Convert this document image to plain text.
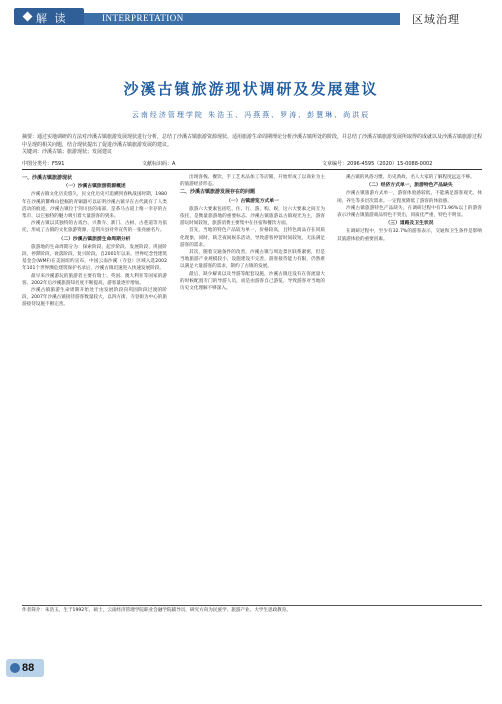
解 读	INTERPRETATION	区域治理
沙溪古镇旅游现状调研及发展建议
云南经济管理学院 朱浩玉、冯燕燕、罗涛、彭慧琳、尚洪辰
摘要：通过实地调研的方法对沙溪古镇旅游发展现状进行分析，总结了沙溪古镇旅游资源现状、适用旅游生命周期理论分析沙溪古镇所处的阶段，并总结了沙溪古镇旅游发展所取得的成就以及沙溪古镇旅游过程中呈现的相关问题，结合现状提出了促进沙溪古镇旅游发展的建议。
关键词：沙溪古镇；旅游现状；发展建议
中图分类号：F591	文献标识码：A	文章编号：2096-4595（2020）15-0088-0002
一、沙溪古镇旅游现状
（一）沙溪古镇旅游资源概述

沙溪古镇文化历史悠久，民文化历史可追溯到春秋战国时期，1980年在沙溪的鳌峰山挖掘的青铜器可以证明沙溪古镇早在古代就有了人类活动的痕迹。沙溪古镇位于剑川县的南部，是茶马古道上唯一幸存的古集市，以它独特的魅力吸引着大量游客的到来。

沙溪古镇以其独特的古戏台、兴教寺、寨门、古树、古巷道等为依托，形成了古镇的文化旅游资源，是剑川县对外宣传的一张亮丽名片。

（二）沙溪古镇旅游生命周期分析

旅游地的生命周期分为：探索阶段、起步阶段、发展阶段、巩固阶段、停滞阶段、衰落阶段、复兴阶段。自2001年以来，世界纪念性建筑基金会(WMF)在美国纽约宣布，中国云南沙溪（寺登）区域入选2002年101个世界濒危建筑保护名录后，沙溪古镇迅速进入快速发展阶段。

最早来沙溪游玩的旅游者主要有瑞士、英国、澳大利亚等国家的游客。2002年后沙溪旅游知名度不断提高，游客量逐步增加。

沙溪古镇旅游生命周期开始处于由发展阶段向巩固阶段过渡的阶段，2007年沙溪古镇接待游客数量较大，以四方街、寺登街为中心的旅游接待设施不断完善。

出现客栈、餐饮、手工艺术品加工等店铺，开始形成了以商业为主的旅游经济形态。

二、沙溪古镇旅游发展存在的问题
（一）古镇游览方式单一

旅游六大要素包括吃、住、行、游、购、娱，这六大要素之间互为依托，是衡量旅游地的重要标志。沙溪古镇旅游以古镇观光为主，游客游玩时间较短，旅游消费主要集中在住宿和餐饮方面。

首先，当地的特色产品较为单一，价格较高，且特色商品存在同质化现象，同时，缺乏夜间娱乐活动，导致游客停留时间较短，无法满足游客的需求。

其次，随着交通条件的改善，沙溪古镇与周边景区联系紧密，但是当地旅游产业规模较小，设施建设不完善，游客接待能力有限，仍然难以满足大量游客的需求，制约了古镇的发展。

最后，缺少解说以及导游等配套设施，沙溪古镇还没有在客流量大的时候配置专门的导游人员，而是由游客自己游览，导致游客对当地的历史文化理解不够深入。

溪古镇的风俗习惯、历史典故、名人大家的了解程度远远不够。

（二）经济方式单一，旅游特色产品缺失

沙溪古镇旅游方式单一，游客体验感较低，不能满足游客观光、休闲、养生等多层次需求。一定程度降低了游客的体验感。

沙溪古镇旅游特色产品缺失，在调研过程中有71.96%以上的游客表示沙溪古镇旅游商品特色不突出，同质化严重，特色不明显。

（三）道路及卫生状况

在调研过程中，至少有32.7%的游客表示，交通和卫生条件是影响其旅游体验的重要因素。

作者简介：朱浩玉，生于1992年，硕士，云南经济管理学院职业会融学院辅导员，研究方向为民族学、旅游产业、大学生思政教育。
88
